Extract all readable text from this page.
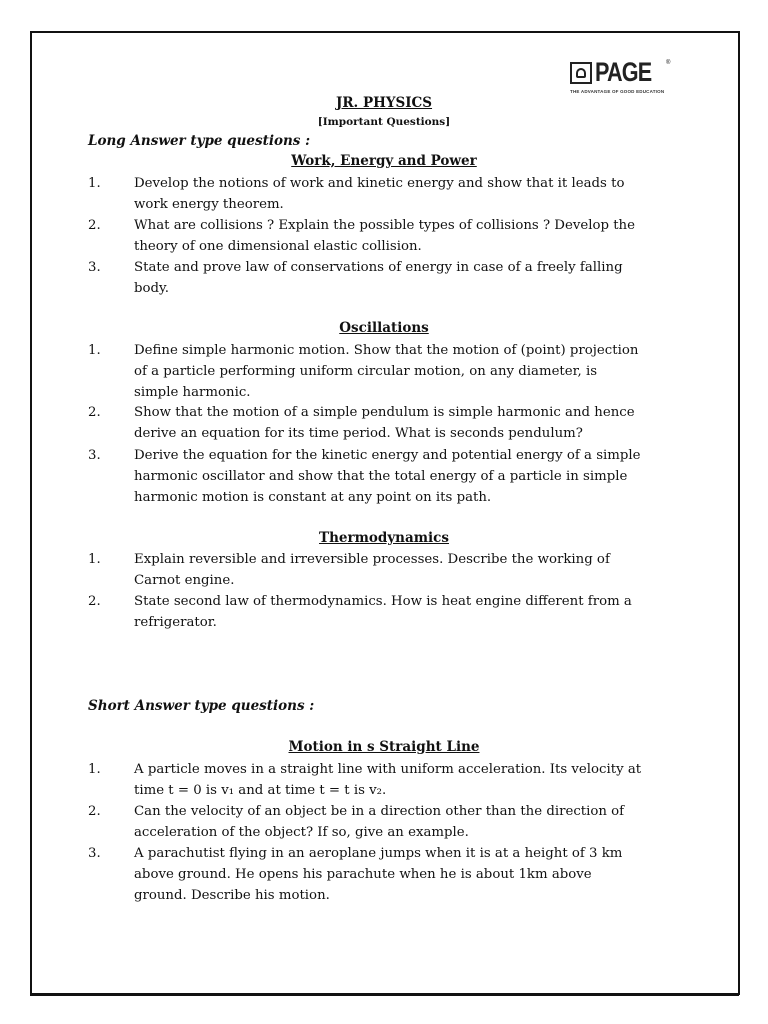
PAGE ®
THE ADVANTAGE OF GOOD EDUCATION
JR. PHYSICS
[Important Questions]
Long Answer type questions :
Short Answer type questions :
Work, Energy and Power
1.	Develop the notions of work and kinetic energy and show that it leads to
work energy theorem.
2.	What are collisions ? Explain the possible types of collisions ? Develop the
theory of one dimensional elastic collision.
3.	State and prove law of conservations of energy in case of a freely falling
body.
Oscillations
1.	Define simple harmonic motion. Show that the motion of (point) projection
of a particle performing uniform circular motion, on any diameter, is
simple harmonic.
2.	Show that the motion of a simple pendulum is simple harmonic and hence
derive an equation for its time period. What is seconds pendulum?
3.	Derive the equation for the kinetic energy and potential energy of a simple
harmonic oscillator and show that the total energy of a particle in simple
harmonic motion is constant at any point on its path.
Thermodynamics
1.	Explain reversible and irreversible processes. Describe the working of
Carnot engine.
2.	State second law of thermodynamics. How is heat engine different from a
refrigerator.
Motion in s Straight Line
1.	A particle moves in a straight line with uniform acceleration. Its velocity at
time t = 0 is v₁ and at time t = t is v₂.
2.	Can the velocity of an object be in a direction other than the direction of
acceleration of the object? If so, give an example.
3.	A parachutist flying in an aeroplane jumps when it is at a height of 3 km
above ground. He opens his parachute when he is about 1km above
ground. Describe his motion.
